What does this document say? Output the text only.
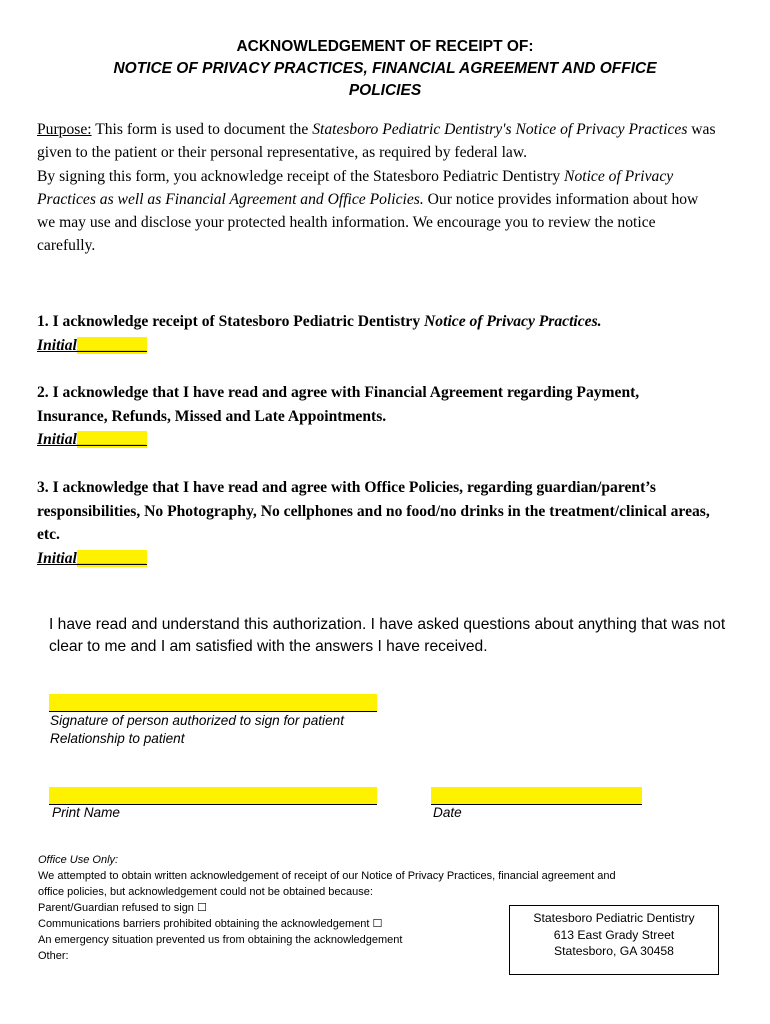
ACKNOWLEDGEMENT OF RECEIPT OF:
NOTICE OF PRIVACY PRACTICES, FINANCIAL AGREEMENT AND OFFICE
POLICIES

Purpose: This form is used to document the Statesboro Pediatric Dentistry's Notice of Privacy Practices was given to the patient or their personal representative, as required by federal law.

By signing this form, you acknowledge receipt of the Statesboro Pediatric Dentistry Notice of Privacy Practices as well as Financial Agreement and Office Policies. Our notice provides information about how we may use and disclose your protected health information. We encourage you to review the notice carefully.

1. I acknowledge receipt of Statesboro Pediatric Dentistry Notice of Privacy Practices.
Initial_________
2. I acknowledge that I have read and agree with Financial Agreement regarding Payment, Insurance, Refunds, Missed and Late Appointments.
Initial_________
3. I acknowledge that I have read and agree with Office Policies, regarding guardian/parent’s responsibilities, No Photography, No cellphones and no food/no drinks in the treatment/clinical areas, etc.
Initial_________
I have read and understand this authorization. I have asked questions about anything that was not clear to me and I am satisfied with the answers I have received.
Signature of person authorized to sign for patient
Relationship to patient
Print Name	Date
Office Use Only:
We attempted to obtain written acknowledgement of receipt of our Notice of Privacy Practices, financial agreement and
office policies, but acknowledgement could not be obtained because:
Parent/Guardian refused to sign ☐
Communications barriers prohibited obtaining the acknowledgement ☐
An emergency situation prevented us from obtaining the acknowledgement
Other:
Statesboro Pediatric Dentistry
613 East Grady Street
Statesboro, GA 30458
